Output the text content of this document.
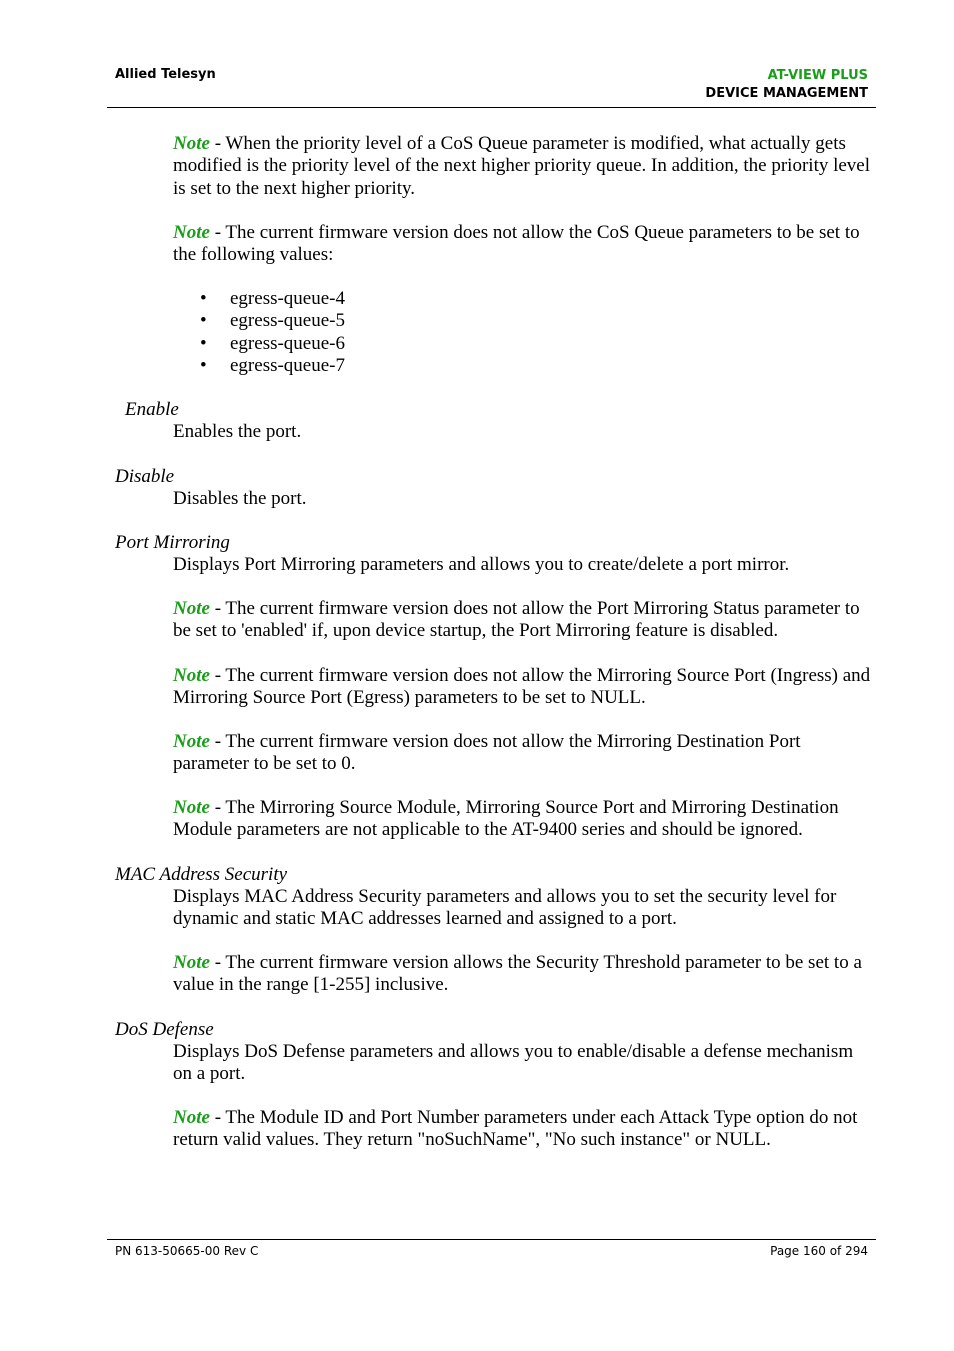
Allied Telesyn	AT-VIEW PLUS
DEVICE MANAGEMENT
Note - When the priority level of a CoS Queue parameter is modified, what actually gets modified is the priority level of the next higher priority queue. In addition, the priority level is set to the next higher priority.
Note - The current firmware version does not allow the CoS Queue parameters to be set to the following values:
• egress-queue-4
• egress-queue-5
• egress-queue-6
• egress-queue-7
Enable
Enables the port.
Disable
Disables the port.
Port Mirroring
Displays Port Mirroring parameters and allows you to create/delete a port mirror.
Note - The current firmware version does not allow the Port Mirroring Status parameter to be set to 'enabled' if, upon device startup, the Port Mirroring feature is disabled.
Note - The current firmware version does not allow the Mirroring Source Port (Ingress) and Mirroring Source Port (Egress) parameters to be set to NULL.
Note - The current firmware version does not allow the Mirroring Destination Port parameter to be set to 0.
Note - The Mirroring Source Module, Mirroring Source Port and Mirroring Destination Module parameters are not applicable to the AT-9400 series and should be ignored.
MAC Address Security
Displays MAC Address Security parameters and allows you to set the security level for dynamic and static MAC addresses learned and assigned to a port.
Note - The current firmware version allows the Security Threshold parameter to be set to a value in the range [1-255] inclusive.
DoS Defense
Displays DoS Defense parameters and allows you to enable/disable a defense mechanism on a port.
Note - The Module ID and Port Number parameters under each Attack Type option do not return valid values. They return "noSuchName", "No such instance" or NULL.
PN 613-50665-00 Rev C	Page 160 of 294
